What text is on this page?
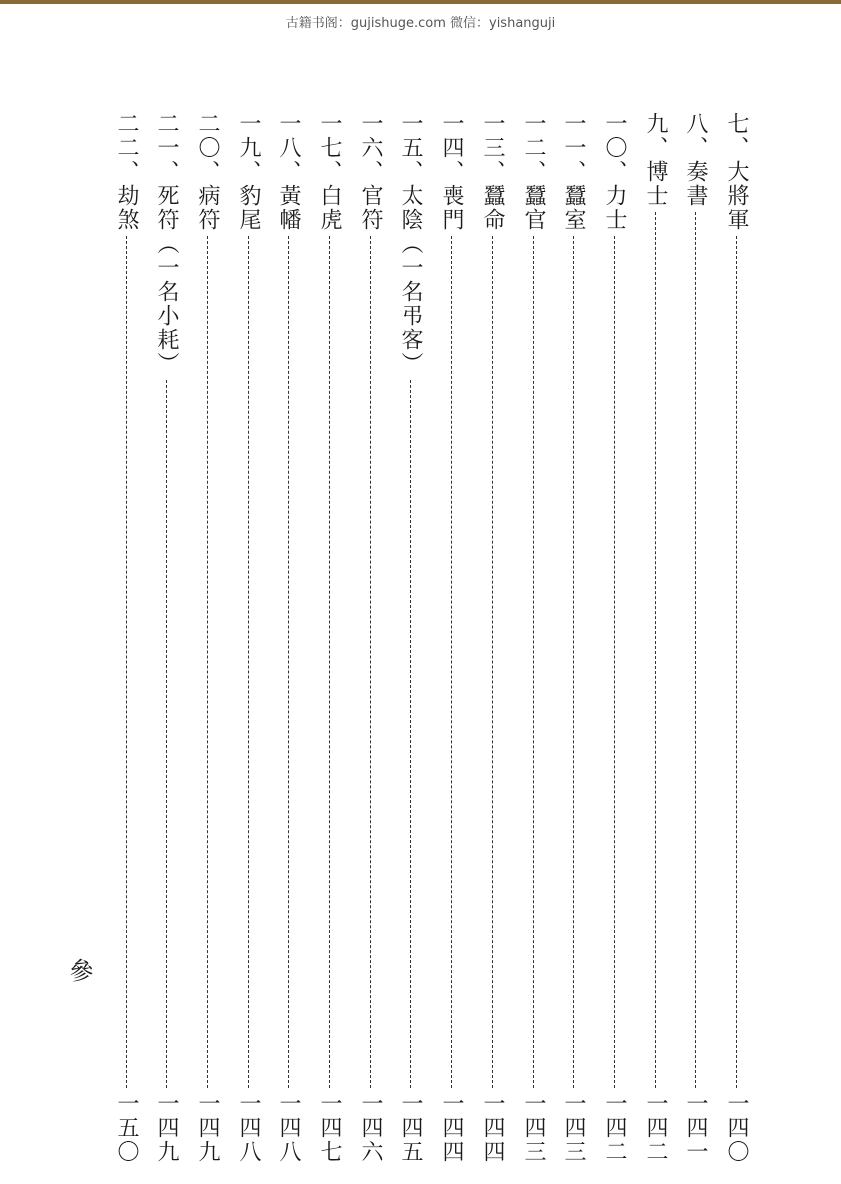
古籍书阁：gujishuge.com 微信：yishanguji
七、大將軍
一四〇
八、奏書
一四一
九、博士
一四二
一〇、力士
一四二
一一、蠶室
一四三
一二、蠶官
一四三
一三、蠶命
一四四
一四、喪門
一四四
一五、太陰（一名弔客）
一四五
一六、官符
一四六
一七、白虎
一四七
一八、黃幡
一四八
一九、豹尾
一四八
二〇、病符
一四九
二一、死符（一名小耗）
一四九
二二、劫煞
一五〇
參
